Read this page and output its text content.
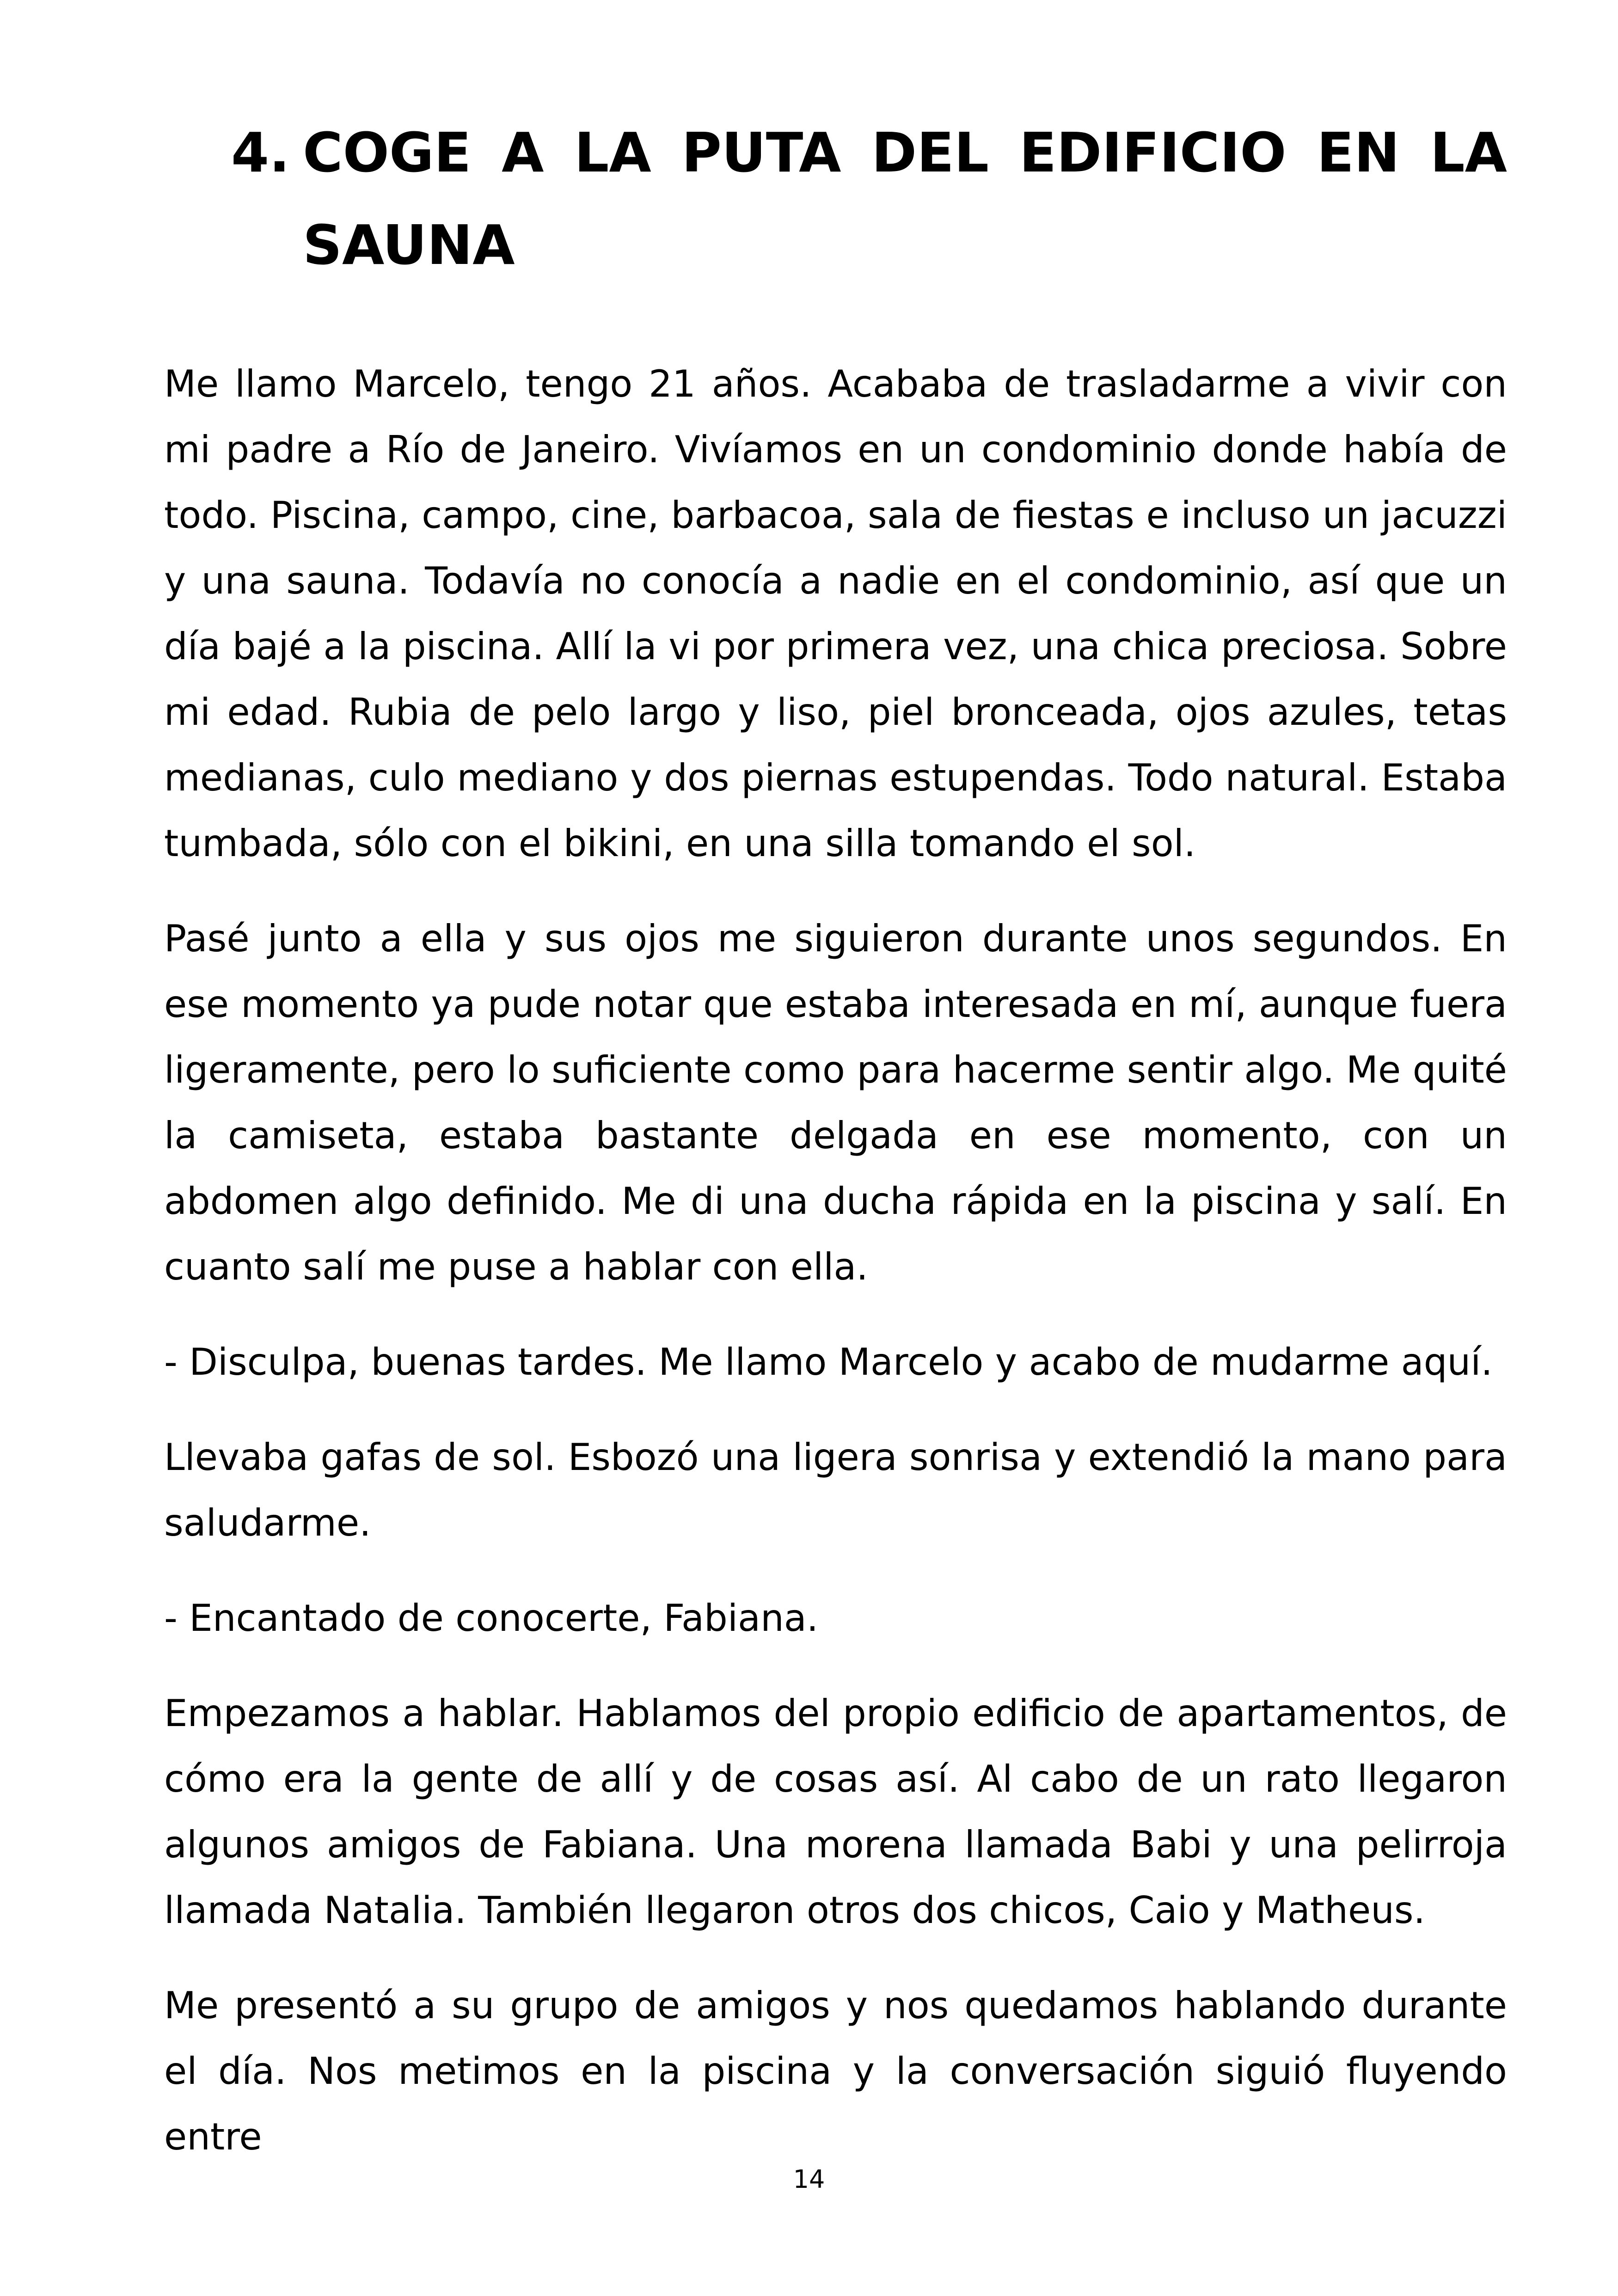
4. COGE A LA PUTA DEL EDIFICIO EN LA SAUNA

Me llamo Marcelo, tengo 21 años. Acababa de trasladarme a vivir con mi padre a Río de Janeiro. Vivíamos en un condominio donde había de todo. Piscina, campo, cine, barbacoa, sala de fiestas e incluso un jacuzzi y una sauna. Todavía no conocía a nadie en el condominio, así que un día bajé a la piscina. Allí la vi por primera vez, una chica preciosa. Sobre mi edad. Rubia de pelo largo y liso, piel bronceada, ojos azules, tetas medianas, culo mediano y dos piernas estupendas. Todo natural. Estaba tumbada, sólo con el bikini, en una silla tomando el sol.

Pasé junto a ella y sus ojos me siguieron durante unos segundos. En ese momento ya pude notar que estaba interesada en mí, aunque fuera ligeramente, pero lo suficiente como para hacerme sentir algo. Me quité la camiseta, estaba bastante delgada en ese momento, con un abdomen algo definido. Me di una ducha rápida en la piscina y salí. En cuanto salí me puse a hablar con ella.

- Disculpa, buenas tardes. Me llamo Marcelo y acabo de mudarme aquí.

Llevaba gafas de sol. Esbozó una ligera sonrisa y extendió la mano para saludarme.

- Encantado de conocerte, Fabiana.

Empezamos a hablar. Hablamos del propio edificio de apartamentos, de cómo era la gente de allí y de cosas así. Al cabo de un rato llegaron algunos amigos de Fabiana. Una morena llamada Babi y una pelirroja llamada Natalia. También llegaron otros dos chicos, Caio y Matheus.

Me presentó a su grupo de amigos y nos quedamos hablando durante el día. Nos metimos en la piscina y la conversación siguió fluyendo entre

14
